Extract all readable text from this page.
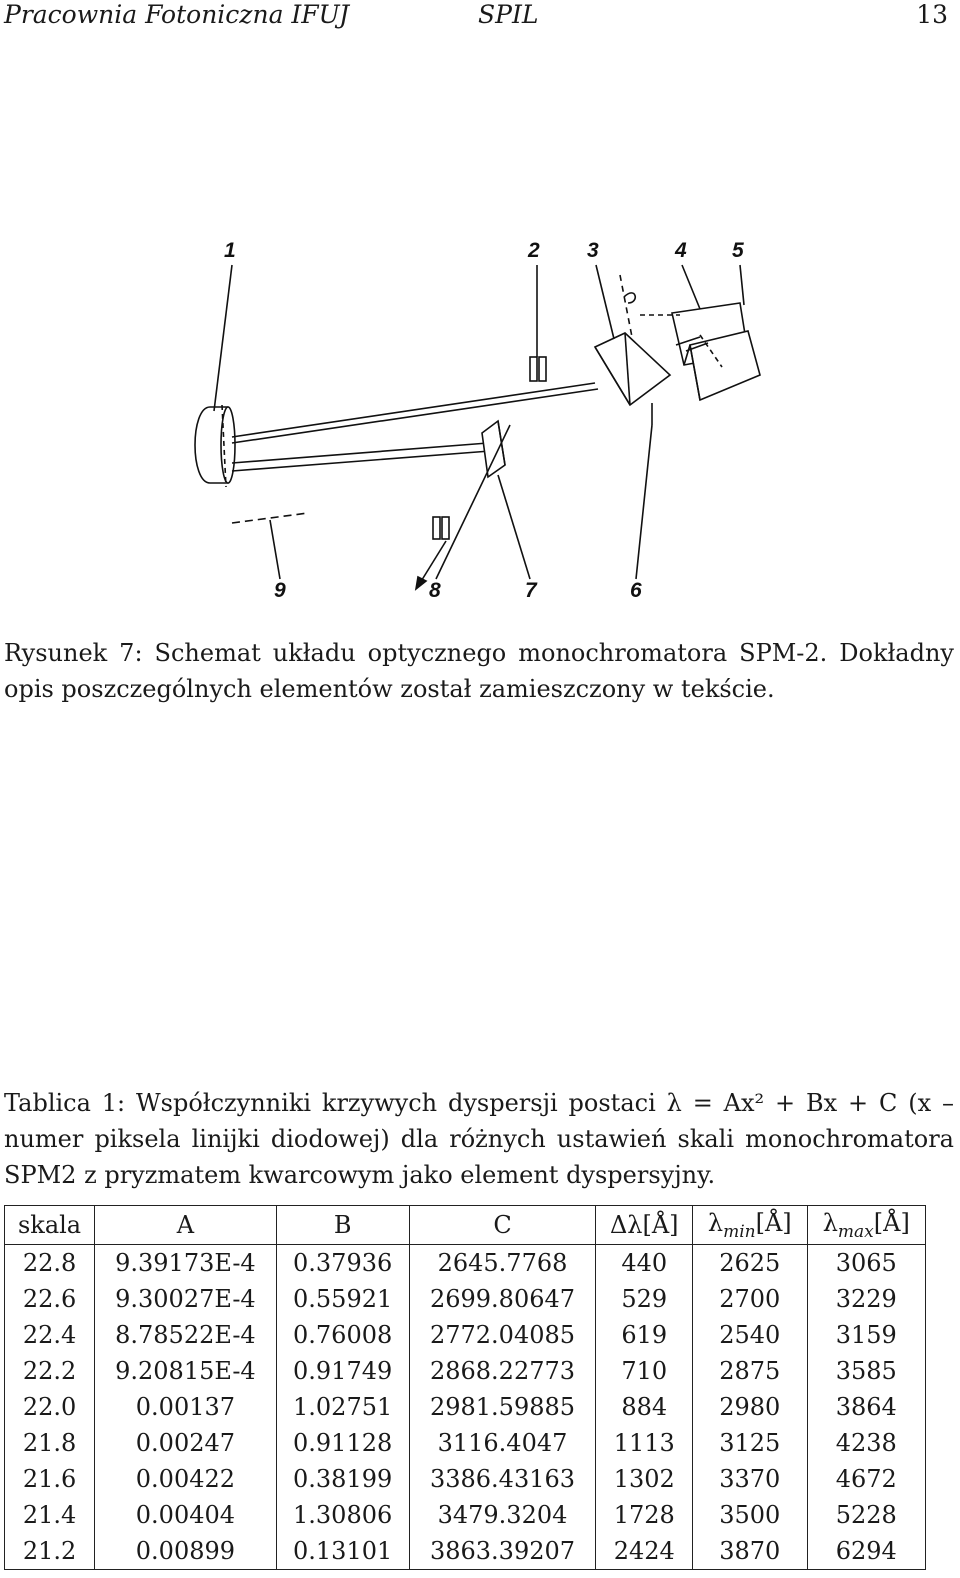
Pracownia Fotoniczna IFUJ	SPIL	13
1	2 3	4 5
9	8	7	6
Rysunek 7: Schemat układu optycznego monochromatora SPM-2. Dokładny opis poszczególnych elementów został zamieszczony w tekście.
Tablica 1: Współczynniki krzywych dyspersji postaci λ = Ax² + Bx + C (x – numer piksela linijki diodowej) dla różnych ustawień skali monochromatora SPM2 z pryzmatem kwarcowym jako element dyspersyjny.
skala	A	B	C	Δλ[Å]	$\lambda_{min}[Å]$	$\lambda_{max}[Å]$
22.8	9.39173E-4	0.37936	2645.7768	440	2625	3065
22.6	9.30027E-4	0.55921	2699.80647	529	2700	3229
22.4	8.78522E-4	0.76008	2772.04085	619	2540	3159
22.2	9.20815E-4	0.91749	2868.22773	710	2875	3585
22.0	0.00137	1.02751	2981.59885	884	2980	3864
21.8	0.00247	0.91128	3116.4047	1113	3125	4238
21.6	0.00422	0.38199	3386.43163	1302	3370	4672
21.4	0.00404	1.30806	3479.3204	1728	3500	5228
21.2	0.00899	0.13101	3863.39207	2424	3870	6294
